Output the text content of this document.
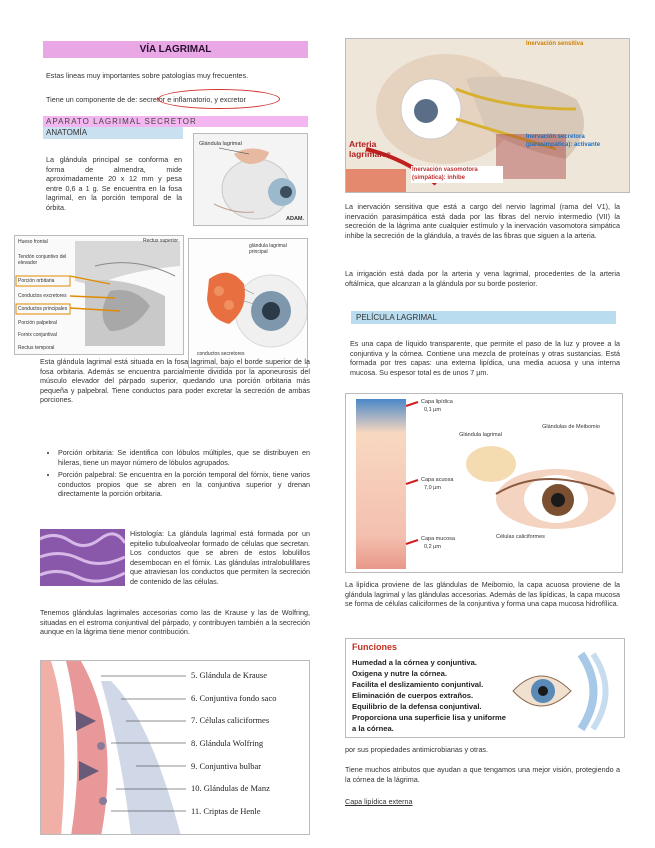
VÍA LAGRIMAL
Estas lineas muy importantes sobre patologías muy frecuentes.
Tiene un componente de de: secretor e inflamatorio, y excretor
APARATO LAGRIMAL SECRETOR
ANATOMÍA
La glándula principal se conforma en forma de almendra, mide aproximadamente 20 x 12 mm y pesa entre 0,6 a 1 g. Se encuentra en la fosa lagrimal, en la porción temporal de la órbita.
Glándula lagrimal
ADAM.
Hueso frontal
Tendón conjuntivo del elevador
Porción orbitaria
Conductos excretores
Conductos principales
Porción palpebral
Fornix conjuntival
Rectus temporal
Rectus superior
glándula lagrimal principal
conductos secretores
Esta glándula lagrimal está situada en la fosa lagrimal, bajo el borde superior de la fosa orbitaria. Además se encuentra parcialmente dividida por la aponeurosis del músculo elevador del párpado superior, quedando una porción orbitaria más pequeña y palpebral. Tiene conductos para poder excretar la secreción de ambas porciones.
• Porción orbitaria: Se identifica con lóbulos múltiples, que se distribuyen en hileras, tiene un mayor número de lóbulos agrupados.
• Porción palpebral: Se encuentra en la porción temporal del fórnix, tiene varios conductos propios que se abren en la conjuntiva superior y drenan directamente la porción orbitaria.
Histología: La glándula lagrimal está formada por un epitelio tubuloalveolar formado de células que secretan. Los conductos que se abren de estos lobulillos desembocan en el fórnix. Las glándulas intralobulillares que atraviesan los conductos que permiten la secreción de contenido de las células.
Tenemos glándulas lagrimales accesorias como las de Krause y las de Wolfring, situadas en el estroma conjuntival del párpado, y contribuyen también a la secreción aunque en la lágrima tiene menor contribución.
5. Glándula de Krause
6. Conjuntiva fondo saco
7. Células caliciformes
8. Glándula Wolfring
9. Conjuntiva bulbar
10. Glándulas de Manz
11. Criptas de Henle
Inervación sensitiva
Inervación secretora (parasimpática): activante
Arteria lagrimales
Inervación vasomotora (simpática): inhibe
La inervación sensitiva que está a cargo del nervio lagrimal (rama del V1), la inervación parasimpática está dada por las fibras del nervio intermedio (VII) la secreción de la lágrima ante cualquier estímulo y la inervación vasomotora simpática inhibe la secreción de la glándula, a través de las fibras que siguen a la arteria.
La irrigación está dada por la arteria y vena lagrimal, procedentes de la arteria oftálmica, que alcanzan a la glándula por su borde posterior.
PELÍCULA LAGRIMAL
Es una capa de líquido transparente, que permite el paso de la luz y provee a la conjuntiva y la córnea. Contiene una mezcla de proteínas y otras sustancias. Está formada por tres capas: una externa lipídica, una media acuosa y una interna mucosa. Su espesor total es de unos 7 µm.
Capa lipídica
0,1 µm
Capa acuosa
7,0 µm
Capa mucosa
0,2 µm
Glándula lagrimal
Glándulas de Meibomio
Células caliciformes
La lipídica proviene de las glándulas de Meibomio, la capa acuosa proviene de la glándula lagrimal y las glándulas accesorias. Además de las lipídicas, la capa mucosa se forma de células caliciformes de la conjuntiva y forma una capa mucosa hidrofílica.
Funciones
Humedad a la córnea y conjuntiva.
Oxigena y nutre la córnea.
Facilita el deslizamiento conjuntival.
Eliminación de cuerpos extraños.
Equilibrio de la defensa conjuntival.
Proporciona una superficie lisa y uniforme a la córnea.
por sus propiedades antimicrobianas y otras.
Tiene muchos atributos que ayudan a que tengamos una mejor visión, protegiendo a la córnea de la lágrima.
Capa lipídica externa
